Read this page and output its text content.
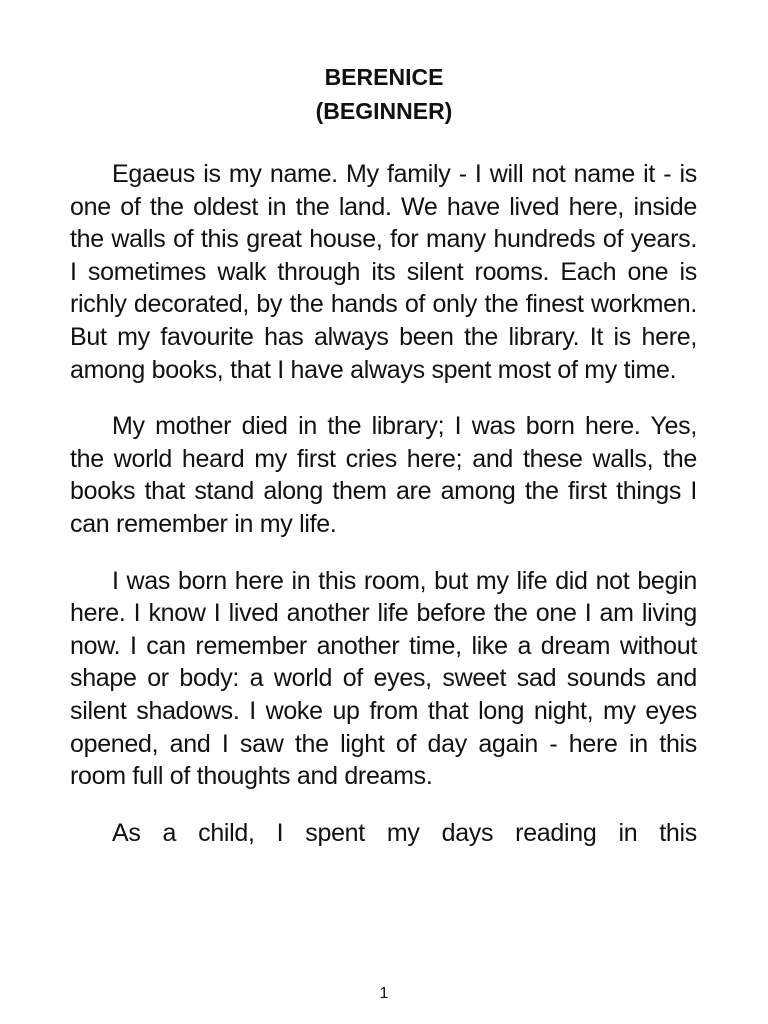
BERENICE
(BEGINNER)

Egaeus is my name. My family - I will not name it - is one of the oldest in the land. We have lived here, inside the walls of this great house, for many hundreds of years. I sometimes walk through its silent rooms. Each one is richly decorated, by the hands of only the finest workmen. But my favourite has always been the library. It is here, among books, that I have always spent most of my time.

My mother died in the library; I was born here. Yes, the world heard my first cries here; and these walls, the books that stand along them are among the first things I can remember in my life.

I was born here in this room, but my life did not begin here. I know I lived another life before the one I am living now. I can remember another time, like a dream without shape or body: a world of eyes, sweet sad sounds and silent shadows. I woke up from that long night, my eyes opened, and I saw the light of day again - here in this room full of thoughts and dreams.

As a child, I spent my days reading in this

1
